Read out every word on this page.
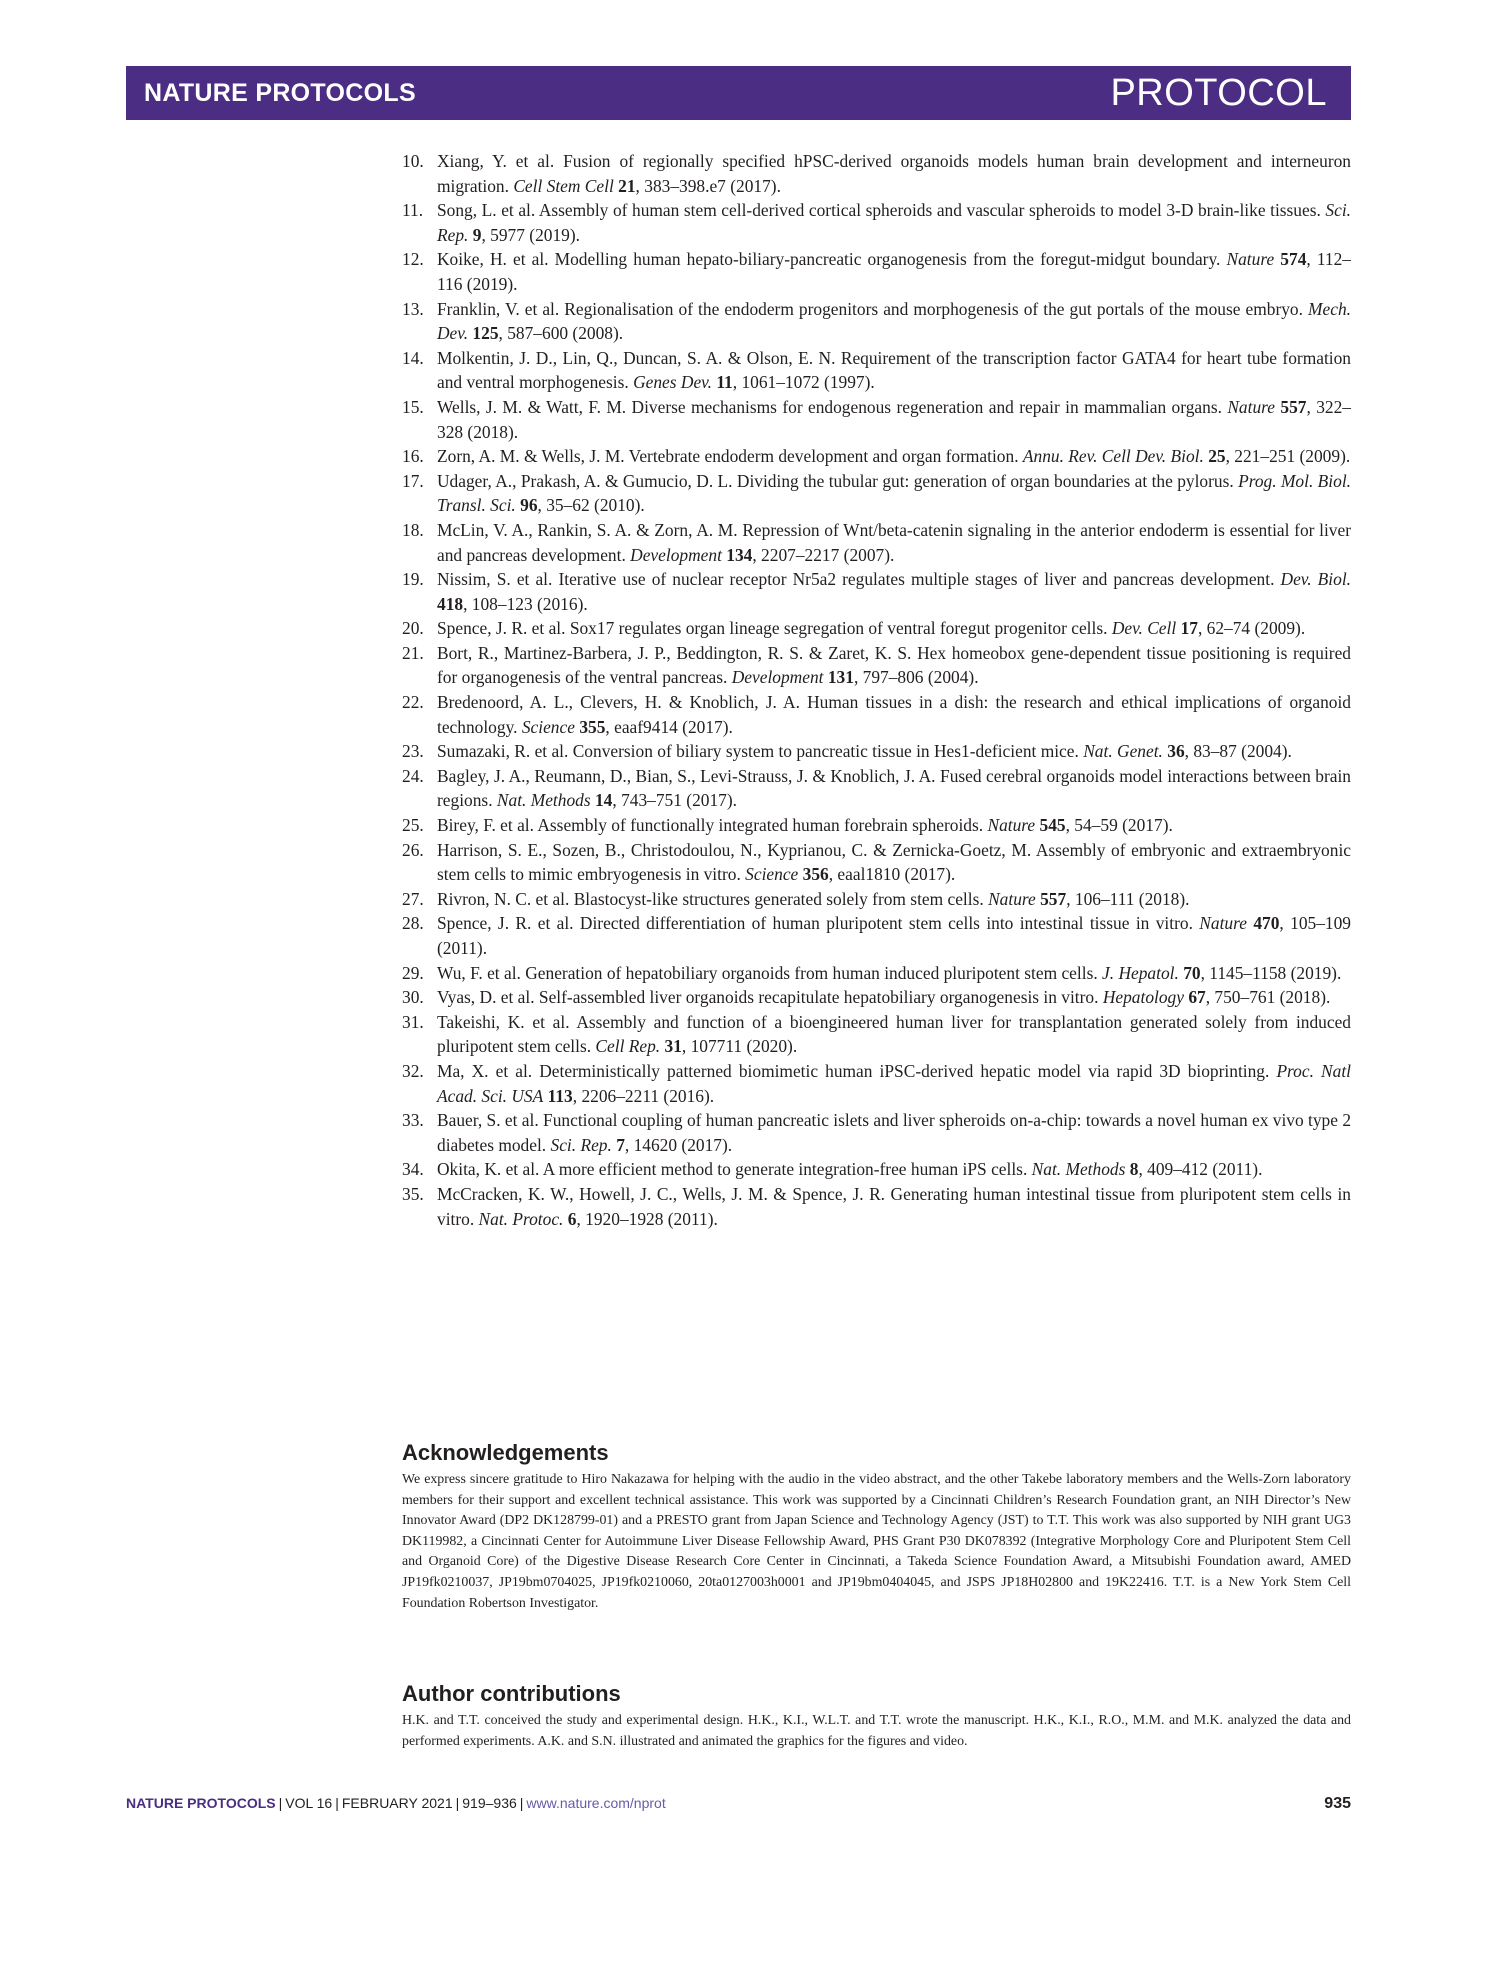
NATURE PROTOCOLS	PROTOCOL
10. Xiang, Y. et al. Fusion of regionally specified hPSC-derived organoids models human brain development and interneuron migration. Cell Stem Cell 21, 383–398.e7 (2017).
11. Song, L. et al. Assembly of human stem cell-derived cortical spheroids and vascular spheroids to model 3-D brain-like tissues. Sci. Rep. 9, 5977 (2019).
12. Koike, H. et al. Modelling human hepato-biliary-pancreatic organogenesis from the foregut-midgut boundary. Nature 574, 112–116 (2019).
13. Franklin, V. et al. Regionalisation of the endoderm progenitors and morphogenesis of the gut portals of the mouse embryo. Mech. Dev. 125, 587–600 (2008).
14. Molkentin, J. D., Lin, Q., Duncan, S. A. & Olson, E. N. Requirement of the transcription factor GATA4 for heart tube formation and ventral morphogenesis. Genes Dev. 11, 1061–1072 (1997).
15. Wells, J. M. & Watt, F. M. Diverse mechanisms for endogenous regeneration and repair in mammalian organs. Nature 557, 322–328 (2018).
16. Zorn, A. M. & Wells, J. M. Vertebrate endoderm development and organ formation. Annu. Rev. Cell Dev. Biol. 25, 221–251 (2009).
17. Udager, A., Prakash, A. & Gumucio, D. L. Dividing the tubular gut: generation of organ boundaries at the pylorus. Prog. Mol. Biol. Transl. Sci. 96, 35–62 (2010).
18. McLin, V. A., Rankin, S. A. & Zorn, A. M. Repression of Wnt/beta-catenin signaling in the anterior endoderm is essential for liver and pancreas development. Development 134, 2207–2217 (2007).
19. Nissim, S. et al. Iterative use of nuclear receptor Nr5a2 regulates multiple stages of liver and pancreas development. Dev. Biol. 418, 108–123 (2016).
20. Spence, J. R. et al. Sox17 regulates organ lineage segregation of ventral foregut progenitor cells. Dev. Cell 17, 62–74 (2009).
21. Bort, R., Martinez-Barbera, J. P., Beddington, R. S. & Zaret, K. S. Hex homeobox gene-dependent tissue positioning is required for organogenesis of the ventral pancreas. Development 131, 797–806 (2004).
22. Bredenoord, A. L., Clevers, H. & Knoblich, J. A. Human tissues in a dish: the research and ethical implications of organoid technology. Science 355, eaaf9414 (2017).
23. Sumazaki, R. et al. Conversion of biliary system to pancreatic tissue in Hes1-deficient mice. Nat. Genet. 36, 83–87 (2004).
24. Bagley, J. A., Reumann, D., Bian, S., Levi-Strauss, J. & Knoblich, J. A. Fused cerebral organoids model interactions between brain regions. Nat. Methods 14, 743–751 (2017).
25. Birey, F. et al. Assembly of functionally integrated human forebrain spheroids. Nature 545, 54–59 (2017).
26. Harrison, S. E., Sozen, B., Christodoulou, N., Kyprianou, C. & Zernicka-Goetz, M. Assembly of embryonic and extraembryonic stem cells to mimic embryogenesis in vitro. Science 356, eaal1810 (2017).
27. Rivron, N. C. et al. Blastocyst-like structures generated solely from stem cells. Nature 557, 106–111 (2018).
28. Spence, J. R. et al. Directed differentiation of human pluripotent stem cells into intestinal tissue in vitro. Nature 470, 105–109 (2011).
29. Wu, F. et al. Generation of hepatobiliary organoids from human induced pluripotent stem cells. J. Hepatol. 70, 1145–1158 (2019).
30. Vyas, D. et al. Self-assembled liver organoids recapitulate hepatobiliary organogenesis in vitro. Hepatology 67, 750–761 (2018).
31. Takeishi, K. et al. Assembly and function of a bioengineered human liver for transplantation generated solely from induced pluripotent stem cells. Cell Rep. 31, 107711 (2020).
32. Ma, X. et al. Deterministically patterned biomimetic human iPSC-derived hepatic model via rapid 3D bioprinting. Proc. Natl Acad. Sci. USA 113, 2206–2211 (2016).
33. Bauer, S. et al. Functional coupling of human pancreatic islets and liver spheroids on-a-chip: towards a novel human ex vivo type 2 diabetes model. Sci. Rep. 7, 14620 (2017).
34. Okita, K. et al. A more efficient method to generate integration-free human iPS cells. Nat. Methods 8, 409–412 (2011).
35. McCracken, K. W., Howell, J. C., Wells, J. M. & Spence, J. R. Generating human intestinal tissue from pluripotent stem cells in vitro. Nat. Protoc. 6, 1920–1928 (2011).
Acknowledgements

We express sincere gratitude to Hiro Nakazawa for helping with the audio in the video abstract, and the other Takebe laboratory members and the Wells-Zorn laboratory members for their support and excellent technical assistance. This work was supported by a Cincinnati Children’s Research Foundation grant, an NIH Director’s New Innovator Award (DP2 DK128799-01) and a PRESTO grant from Japan Science and Technology Agency (JST) to T.T. This work was also supported by NIH grant UG3 DK119982, a Cincinnati Center for Autoimmune Liver Disease Fellowship Award, PHS Grant P30 DK078392 (Integrative Morphology Core and Pluripotent Stem Cell and Organoid Core) of the Digestive Disease Research Core Center in Cincinnati, a Takeda Science Foundation Award, a Mitsubishi Foundation award, AMED JP19fk0210037, JP19bm0704025, JP19fk0210060, 20ta0127003h0001 and JP19bm0404045, and JSPS JP18H02800 and 19K22416. T.T. is a New York Stem Cell Foundation Robertson Investigator.

Author contributions

H.K. and T.T. conceived the study and experimental design. H.K., K.I., W.L.T. and T.T. wrote the manuscript. H.K., K.I., R.O., M.M. and M.K. analyzed the data and performed experiments. A.K. and S.N. illustrated and animated the graphics for the figures and video.

NATURE PROTOCOLS | VOL 16 | FEBRUARY 2021 | 919–936 | www.nature.com/nprot	935
